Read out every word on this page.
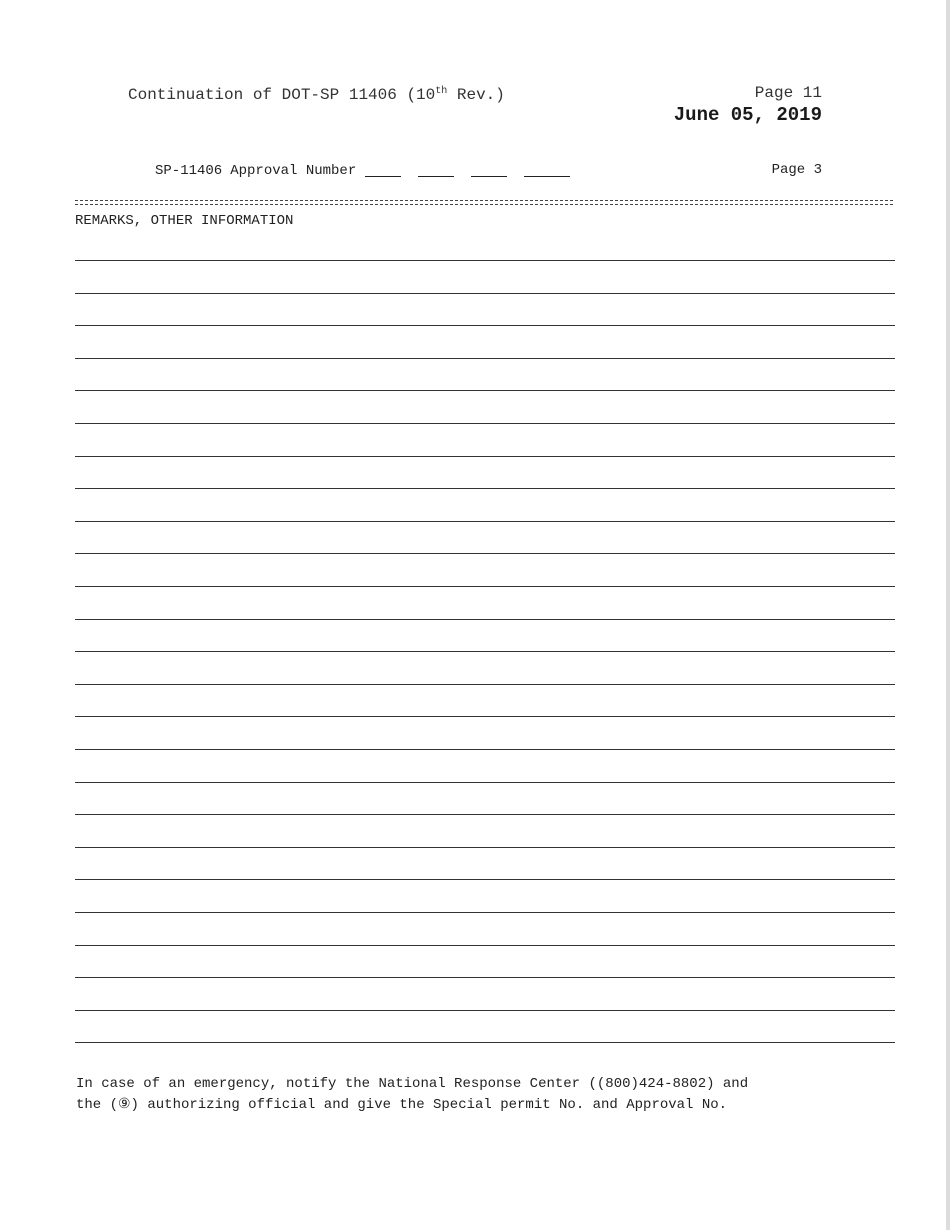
Continuation of DOT-SP 11406 (10th Rev.)	Page 11
June 05, 2019
SP-11406 Approval Number	Page 3
REMARKS, OTHER INFORMATION
In case of an emergency, notify the National Response Center ((800)424-8802) and
the (⑨) authorizing official and give the Special permit No. and Approval No.
